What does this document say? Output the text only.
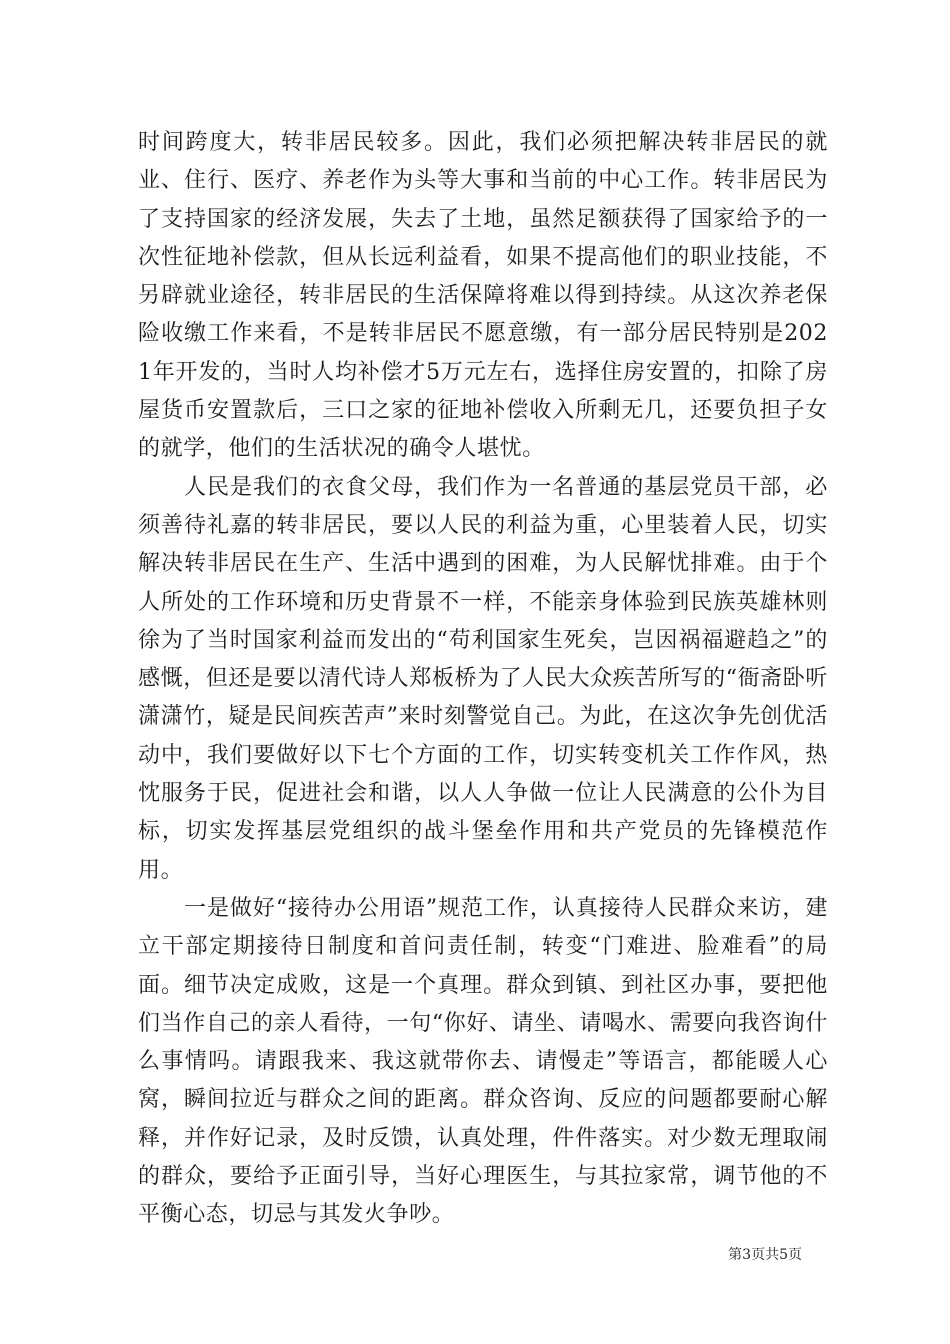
时间跨度大，转非居民较多。因此，我们必须把解决转非居民的就业、住行、医疗、养老作为头等大事和当前的中心工作。转非居民为了支持国家的经济发展，失去了土地，虽然足额获得了国家给予的一次性征地补偿款，但从长远利益看，如果不提高他们的职业技能，不另辟就业途径，转非居民的生活保障将难以得到持续。从这次养老保险收缴工作来看，不是转非居民不愿意缴，有一部分居民特别是2021年开发的，当时人均补偿才5万元左右，选择住房安置的，扣除了房屋货币安置款后，三口之家的征地补偿收入所剩无几，还要负担子女的就学，他们的生活状况的确令人堪忧。

人民是我们的衣食父母，我们作为一名普通的基层党员干部，必须善待礼嘉的转非居民，要以人民的利益为重，心里装着人民，切实解决转非居民在生产、生活中遇到的困难，为人民解忧排难。由于个人所处的工作环境和历史背景不一样，不能亲身体验到民族英雄林则徐为了当时国家利益而发出的“苟利国家生死矣，岂因祸福避趋之”的感慨，但还是要以清代诗人郑板桥为了人民大众疾苦所写的“衙斋卧听潇潇竹，疑是民间疾苦声”来时刻警觉自己。为此，在这次争先创优活动中，我们要做好以下七个方面的工作，切实转变机关工作作风，热忱服务于民，促进社会和谐，以人人争做一位让人民满意的公仆为目标，切实发挥基层党组织的战斗堡垒作用和共产党员的先锋模范作用。

一是做好“接待办公用语”规范工作，认真接待人民群众来访，建立干部定期接待日制度和首问责任制，转变“门难进、脸难看”的局面。细节决定成败，这是一个真理。群众到镇、到社区办事，要把他们当作自己的亲人看待，一句“你好、请坐、请喝水、需要向我咨询什么事情吗。请跟我来、我这就带你去、请慢走”等语言，都能暖人心窝，瞬间拉近与群众之间的距离。群众咨询、反应的问题都要耐心解释，并作好记录，及时反馈，认真处理，件件落实。对少数无理取闹的群众，要给予正面引导，当好心理医生，与其拉家常，调节他的不平衡心态，切忌与其发火争吵。

第3页共5页
